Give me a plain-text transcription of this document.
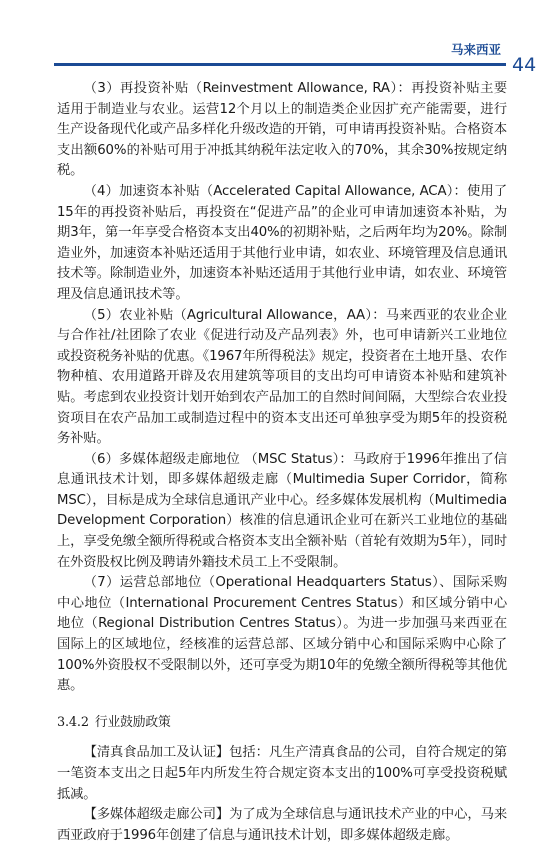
马来西亚
44

（3）再投资补贴（Reinvestment Allowance, RA）：再投资补贴主要适用于制造业与农业。运营12个月以上的制造类企业因扩充产能需要，进行生产设备现代化或产品多样化升级改造的开销，可申请再投资补贴。合格资本支出额60%的补贴可用于冲抵其纳税年法定收入的70%，其余30%按规定纳税。

（4）加速资本补贴（Accelerated Capital Allowance, ACA）：使用了15年的再投资补贴后，再投资在“促进产品”的企业可申请加速资本补贴，为期3年，第一年享受合格资本支出40%的初期补贴，之后两年均为20%。除制造业外，加速资本补贴还适用于其他行业申请，如农业、环境管理及信息通讯技术等。除制造业外，加速资本补贴还适用于其他行业申请，如农业、环境管理及信息通讯技术等。

（5）农业补贴（Agricultural Allowance，AA）：马来西亚的农业企业与合作社/社团除了农业《促进行动及产品列表》外，也可申请新兴工业地位或投资税务补贴的优惠。《1967年所得税法》规定，投资者在土地开垦、农作物种植、农用道路开辟及农用建筑等项目的支出均可申请资本补贴和建筑补贴。考虑到农业投资计划开始到农产品加工的自然时间间隔，大型综合农业投资项目在农产品加工或制造过程中的资本支出还可单独享受为期5年的投资税务补贴。

（6）多媒体超级走廊地位 （MSC Status）：马政府于1996年推出了信息通讯技术计划，即多媒体超级走廊（Multimedia Super Corridor，简称MSC），目标是成为全球信息通讯产业中心。经多媒体发展机构（Multimedia Development Corporation）核准的信息通讯企业可在新兴工业地位的基础上，享受免缴全额所得税或合格资本支出全额补贴（首轮有效期为5年），同时在外资股权比例及聘请外籍技术员工上不受限制。

（7）运营总部地位（Operational Headquarters Status）、国际采购中心地位（International Procurement Centres Status）和区域分销中心地位（Regional Distribution Centres Status）。为进一步加强马来西亚在国际上的区域地位，经核准的运营总部、区域分销中心和国际采购中心除了100%外资股权不受限制以外，还可享受为期10年的免缴全额所得税等其他优惠。

3.4.2 行业鼓励政策

【清真食品加工及认证】包括：凡生产清真食品的公司，自符合规定的第一笔资本支出之日起5年内所发生符合规定资本支出的100%可享受投资税赋抵减。

【多媒体超级走廊公司】为了成为全球信息与通讯技术产业的中心，马来西亚政府于1996年创建了信息与通讯技术计划，即多媒体超级走廊。
